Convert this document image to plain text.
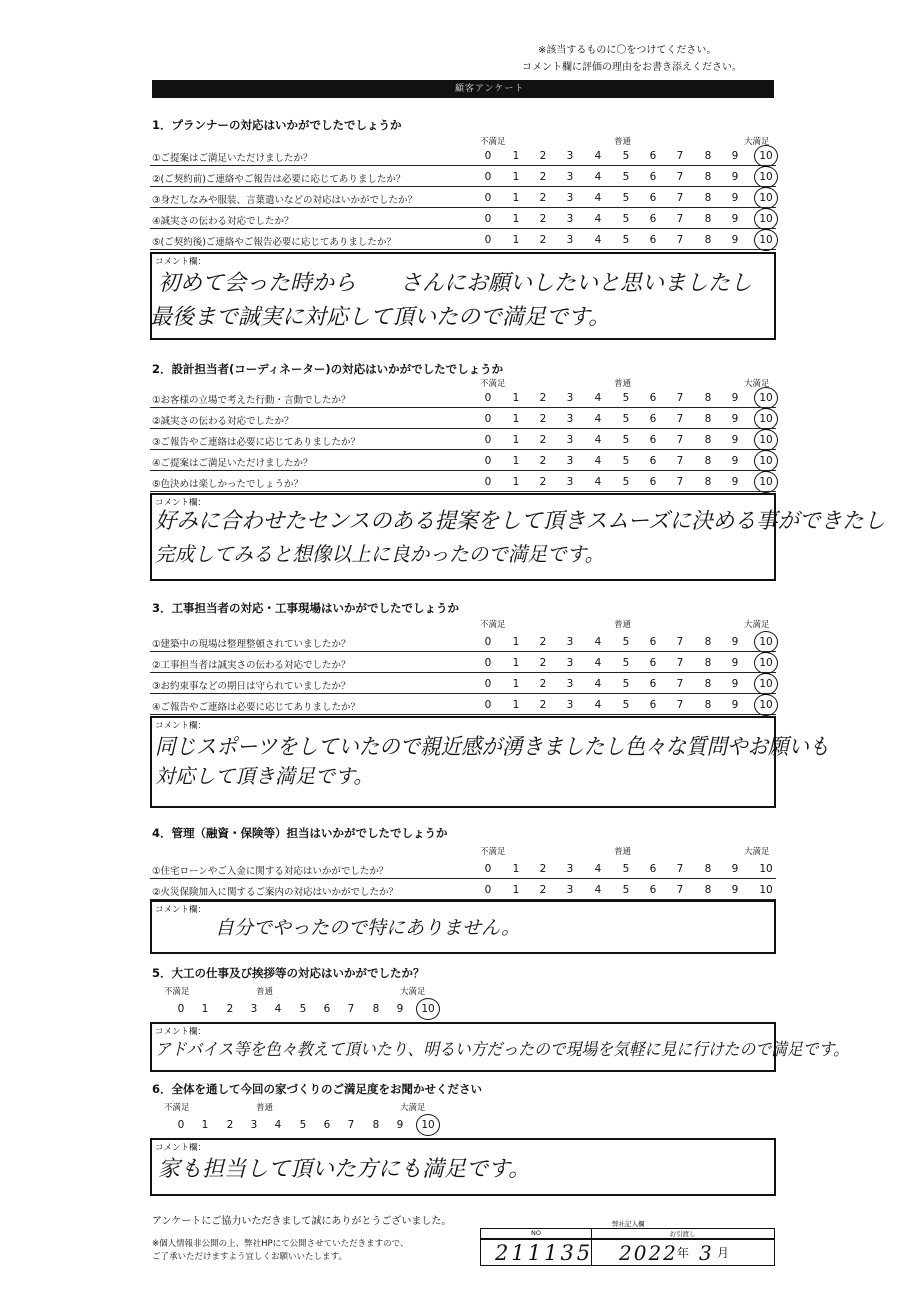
※該当するものに〇をつけてください。
コメント欄に評価の理由をお書き添えください。
顧客アンケート
1．プランナーの対応はいかがでしたでしょうか
不満足	普通	大満足
①ご提案はご満足いただけましたか？	0	1	2	3	4	5	6	7	8	9	10
②(ご契約前)ご連絡やご報告は必要に応じてありましたか？	0	1	2	3	4	5	6	7	8	9	10
③身だしなみや服装、言葉遣いなどの対応はいかがでしたか？	0	1	2	3	4	5	6	7	8	9	10
④誠実さの伝わる対応でしたか？	0	1	2	3	4	5	6	7	8	9	10
⑤(ご契約後)ご連絡やご報告必要に応じてありましたか？	0	1	2	3	4	5	6	7	8	9	10
コメント欄：
初めて会った時から　　さんにお願いしたいと思いましたし
最後まで誠実に対応して頂いたので満足です。
2．設計担当者(コーディネーター)の対応はいかがでしたでしょうか
不満足	普通	大満足
①お客様の立場で考えた行動・言動でしたか？	0	1	2	3	4	5	6	7	8	9	10
②誠実さの伝わる対応でしたか？	0	1	2	3	4	5	6	7	8	9	10
③ご報告やご連絡は必要に応じてありましたか？	0	1	2	3	4	5	6	7	8	9	10
④ご提案はご満足いただけましたか？	0	1	2	3	4	5	6	7	8	9	10
⑤色決めは楽しかったでしょうか？	0	1	2	3	4	5	6	7	8	9	10
コメント欄：
好みに合わせたセンスのある提案をして頂きスムーズに決める事ができたし
完成してみると想像以上に良かったので満足です。
3．工事担当者の対応・工事現場はいかがでしたでしょうか
不満足	普通	大満足
①建築中の現場は整理整頓されていましたか？	0	1	2	3	4	5	6	7	8	9	10
②工事担当者は誠実さの伝わる対応でしたか？	0	1	2	3	4	5	6	7	8	9	10
③お約束事などの期日は守られていましたか？	0	1	2	3	4	5	6	7	8	9	10
④ご報告やご連絡は必要に応じてありましたか？	0	1	2	3	4	5	6	7	8	9	10
コメント欄：
同じスポーツをしていたので親近感が湧きましたし色々な質問やお願いも
対応して頂き満足です。
4．管理（融資・保険等）担当はいかがでしたでしょうか
不満足	普通	大満足
①住宅ローンやご入金に関する対応はいかがでしたか？	0	1	2	3	4	5	6	7	8	9	10
②火災保険加入に関するご案内の対応はいかがでしたか？	0	1	2	3	4	5	6	7	8	9	10
コメント欄：
自分でやったので特にありません。
5．大工の仕事及び挨拶等の対応はいかがでしたか？
不満足	普通	大満足
0	1	2	3	4	5	6	7	8	9	10
コメント欄：
アドバイス等を色々教えて頂いたり、明るい方だったので現場を気軽に見に行けたので満足です。
6．全体を通して今回の家づくりのご満足度をお聞かせください
不満足	普通	大満足
0	1	2	3	4	5	6	7	8	9	10
コメント欄：
家も担当して頂いた方にも満足です。
アンケートにご協力いただきまして誠にありがとうございました。
※個人情報非公開の上、弊社HPにて公開させていただきますので、
ご了承いただけますよう宜しくお願いいたします。
弊社記入欄
NO	お引渡し
211135 2022 年 3 月
